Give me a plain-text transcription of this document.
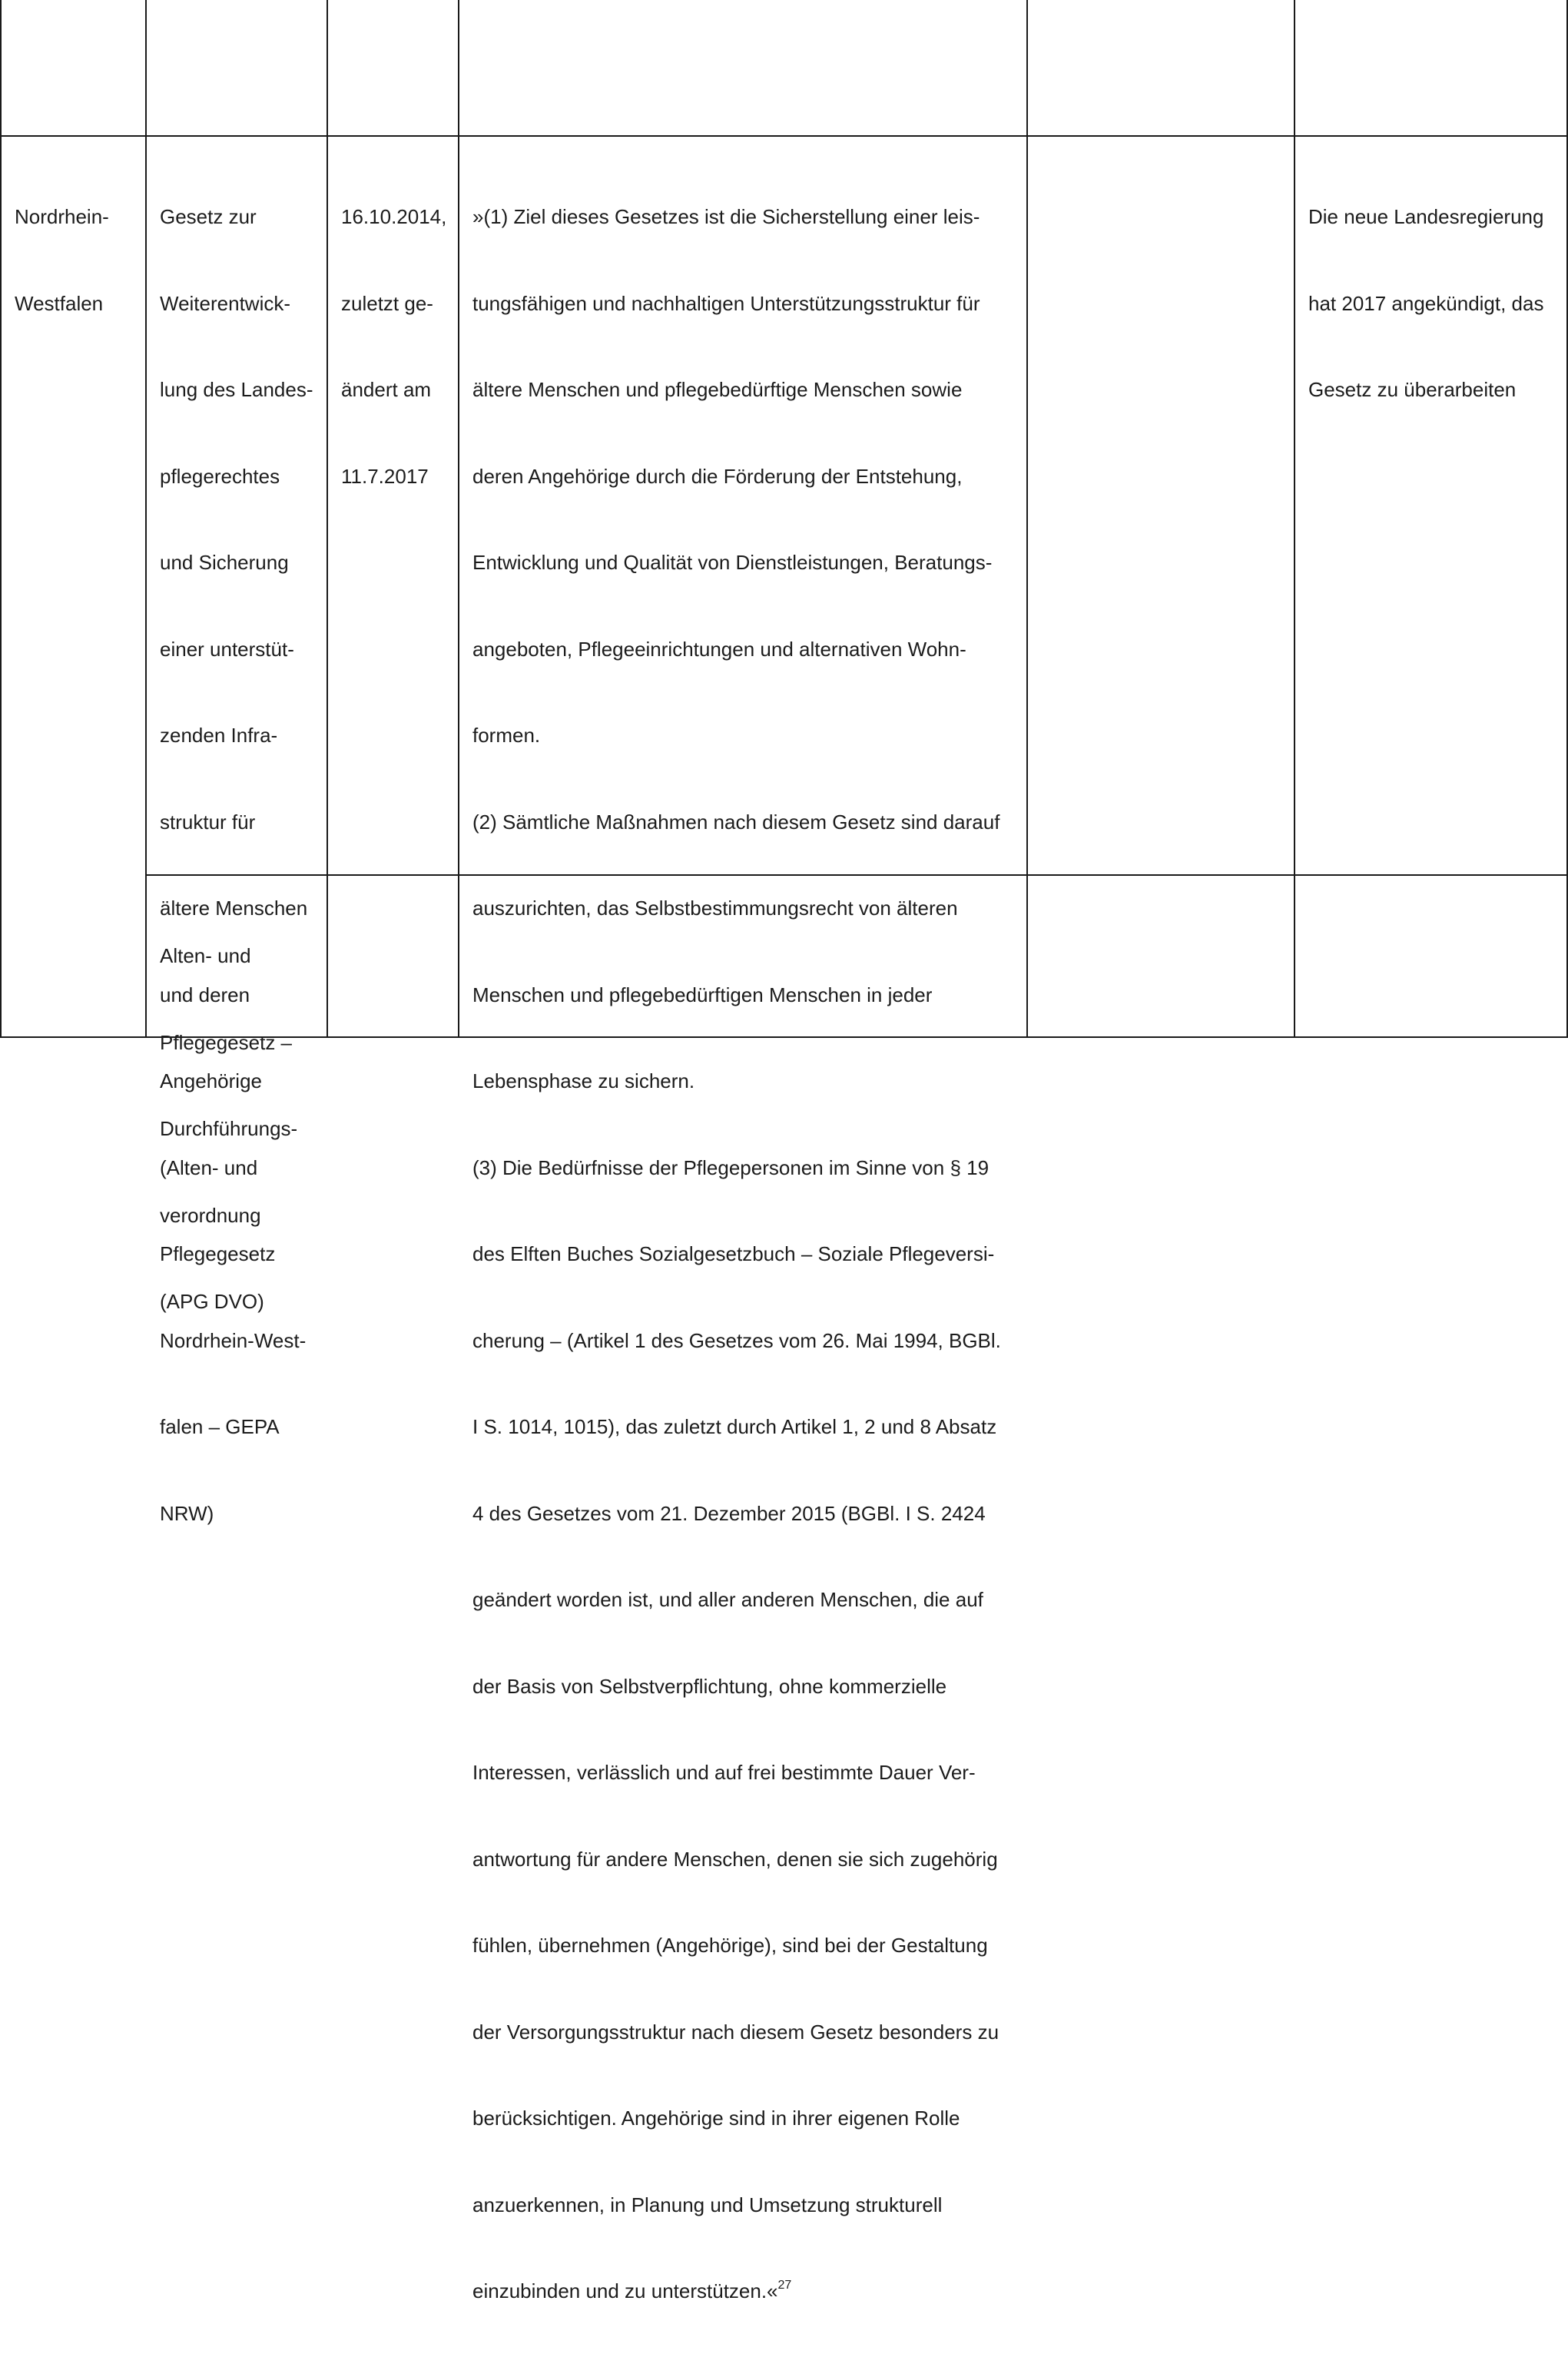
Nordrhein-

Westfalen

Gesetz zur

Weiterentwick-

lung des Landes-

pflegerechtes

und Sicherung

einer unterstüt-

zenden Infra-

struktur für

ältere Menschen

und deren

Angehörige

(Alten- und

Pflegegesetz

Nordrhein-West-

falen – GEPA

NRW)

16.10.2014,

zuletzt ge-

ändert am

11.7.2017

»(1) Ziel dieses Gesetzes ist die Sicherstellung einer leis-

tungsfähigen und nachhaltigen Unterstützungsstruktur für

ältere Menschen und pflegebedürftige Menschen sowie

deren Angehörige durch die Förderung der Entstehung,

Entwicklung und Qualität von Dienstleistungen, Beratungs-

angeboten, Pflegeeinrichtungen und alternativen Wohn-

formen.

(2) Sämtliche Maßnahmen nach diesem Gesetz sind darauf

auszurichten, das Selbstbestimmungsrecht von älteren

Menschen und pflegebedürftigen Menschen in jeder

Lebensphase zu sichern.

(3) Die Bedürfnisse der Pflegepersonen im Sinne von § 19

des Elften Buches Sozialgesetzbuch – Soziale Pflegeversi-

cherung – (Artikel 1 des Gesetzes vom 26. Mai 1994, BGBl.

I S. 1014, 1015), das zuletzt durch Artikel 1, 2 und 8 Absatz

4 des Gesetzes vom 21. Dezember 2015 (BGBl. I S. 2424

geändert worden ist, und aller anderen Menschen, die auf

der Basis von Selbstverpflichtung, ohne kommerzielle

Interessen, verlässlich und auf frei bestimmte Dauer Ver-

antwortung für andere Menschen, denen sie sich zugehörig

fühlen, übernehmen (Angehörige), sind bei der Gestaltung

der Versorgungsstruktur nach diesem Gesetz besonders zu

berücksichtigen. Angehörige sind in ihrer eigenen Rolle

anzuerkennen, in Planung und Umsetzung strukturell

einzubinden und zu unterstützen.«$^{27}$

Die neue Landesregierung

hat 2017 angekündigt, das

Gesetz zu überarbeiten

Alten- und

Pflegegesetz –

Durchführungs-

verordnung

(APG DVO)
